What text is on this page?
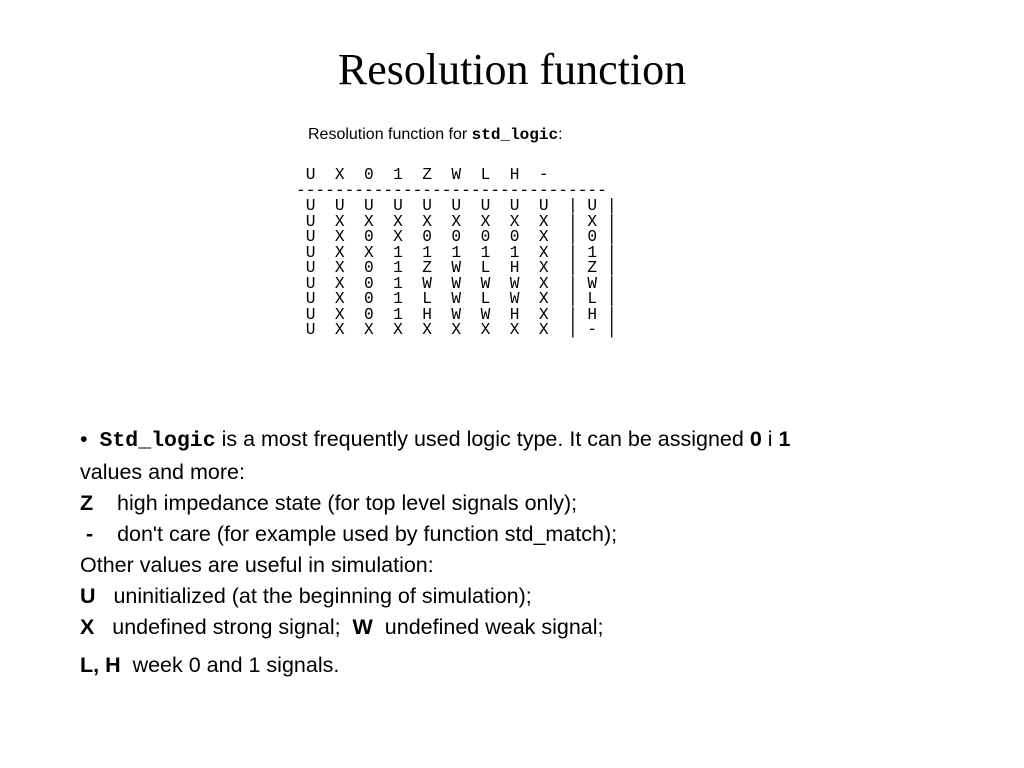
Resolution function
Resolution function for std_logic:
U  X  0  1  Z  W  L  H  -
--------------------------------
U  U  U  U  U  U  U  U  U  | U |
U  X  X  X  X  X  X  X  X  | X |
U  X  0  X  0  0  0  0  X  | 0 |
U  X  X  1  1  1  1  1  X  | 1 |
U  X  0  1  Z  W  L  H  X  | Z |
U  X  0  1  W  W  W  W  X  | W |
U  X  0  1  L  W  L  W  X  | L |
U  X  0  1  H  W  W  H  X  | H |
U  X  X  X  X  X  X  X  X  | - |
• Std_logic is a most frequently used logic type. It can be assigned 0 i 1
values and more:
Z high impedance state (for top level signals only);
- don't care (for example used by function std_match);
Other values are useful in simulation:
U uninitialized (at the beginning of simulation);
X undefined strong signal; W undefined weak signal;
L, H week 0 and 1 signals.
